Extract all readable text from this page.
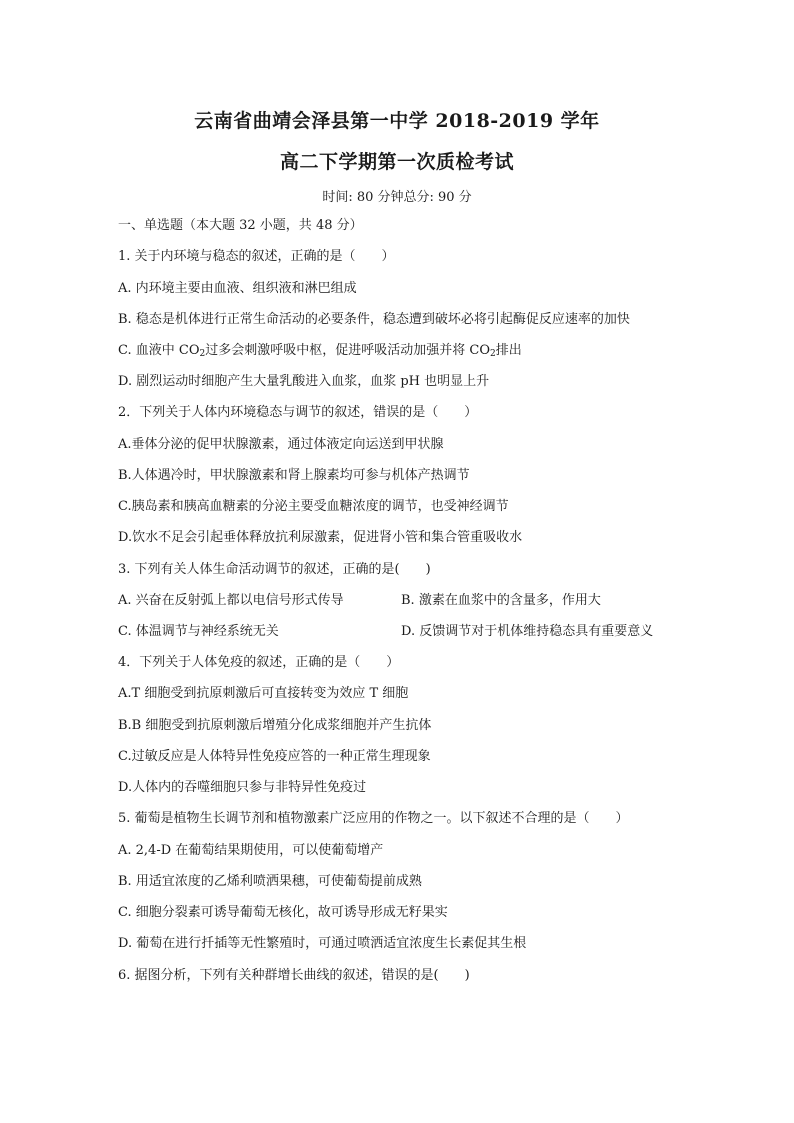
云南省曲靖会泽县第一中学 2018-2019 学年
高二下学期第一次质检考试
时间: 80 分钟总分: 90 分
一、单选题（本大题 32 小题，共 48 分）
1. 关于内环境与稳态的叙述，正确的是（　　）
A. 内环境主要由血液、组织液和淋巴组成
B. 稳态是机体进行正常生命活动的必要条件，稳态遭到破坏必将引起酶促反应速率的加快
C. 血液中 $CO_2$过多会刺激呼吸中枢，促进呼吸活动加强并将 $CO_2$排出
D. 剧烈运动时细胞产生大量乳酸进入血浆，血浆 pH 也明显上升
2．下列关于人体内环境稳态与调节的叙述，错误的是（　　）
A.垂体分泌的促甲状腺激素，通过体液定向运送到甲状腺
B.人体遇冷时，甲状腺激素和肾上腺素均可参与机体产热调节
C.胰岛素和胰高血糖素的分泌主要受血糖浓度的调节，也受神经调节
D.饮水不足会引起垂体释放抗利尿激素，促进肾小管和集合管重吸收水
3. 下列有关人体生命活动调节的叙述，正确的是(　　)
A. 兴奋在反射弧上都以电信号形式传导	B. 激素在血浆中的含量多，作用大
C. 体温调节与神经系统无关	D. 反馈调节对于机体维持稳态具有重要意义
4．下列关于人体免疫的叙述，正确的是（　　）
A.T 细胞受到抗原刺激后可直接转变为效应 T 细胞
B.B 细胞受到抗原刺激后增殖分化成浆细胞并产生抗体
C.过敏反应是人体特异性免疫应答的一种正常生理现象
D.人体内的吞噬细胞只参与非特异性免疫过
5. 葡萄是植物生长调节剂和植物激素广泛应用的作物之一。以下叙述不合理的是（　　）
A. 2,4-D 在葡萄结果期使用，可以使葡萄增产
B. 用适宜浓度的乙烯利喷洒果穗，可使葡萄提前成熟
C. 细胞分裂素可诱导葡萄无核化，故可诱导形成无籽果实
D. 葡萄在进行扦插等无性繁殖时，可通过喷洒适宜浓度生长素促其生根
6. 据图分析，下列有关种群增长曲线的叙述，错误的是(　　)
